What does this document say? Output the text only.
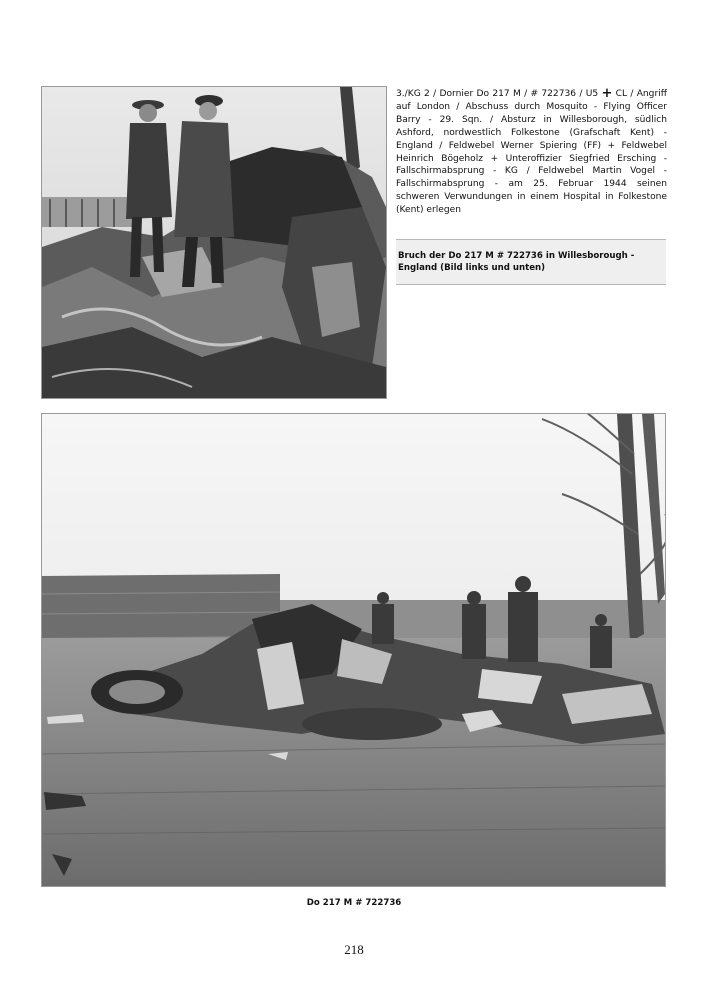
3./KG 2 / Dornier Do 217 M / # 722736 / U5 + CL / Angriff auf London / Abschuss durch Mosquito - Flying Officer Barry - 29. Sqn. / Absturz in Willesborough, südlich Ashford, nordwestlich Folkestone (Grafschaft Kent) - England / Feldwebel Werner Spiering (FF) + Feldwebel Heinrich Bögeholz + Unteroffizier Siegfried Ersching - Fallschirmabsprung - KG / Feldwebel Martin Vogel - Fallschirmabsprung - am 25. Februar 1944 seinen schweren Verwundungen in einem Hospital in Folkestone (Kent) erlegen
Bruch der Do 217 M # 722736 in Willesborough - England (Bild links und unten)
Do 217 M # 722736
218
